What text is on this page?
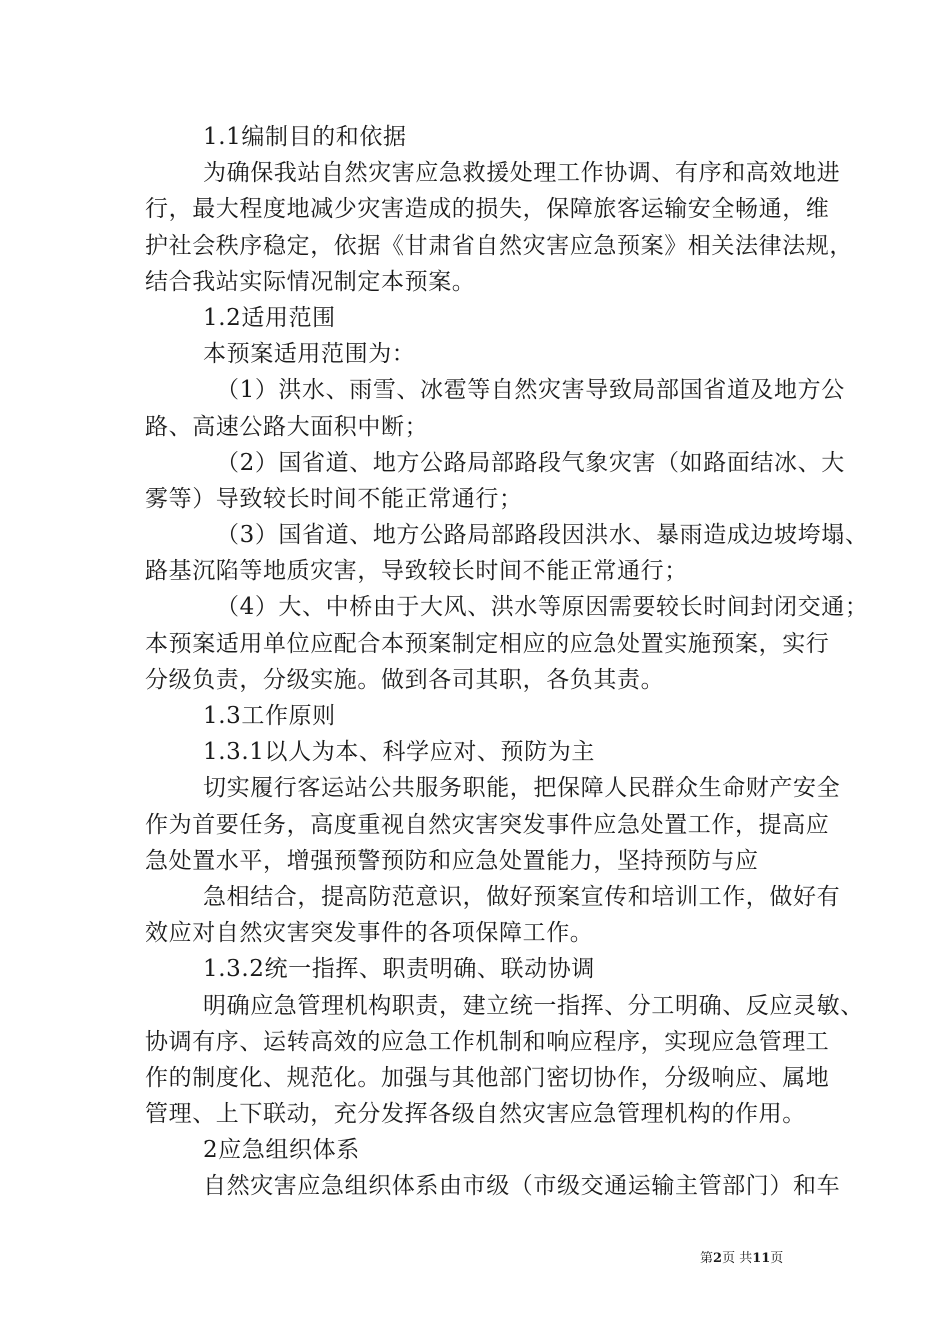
1.1编制目的和依据
为确保我站自然灾害应急救援处理工作协调、有序和高效地进
行，最大程度地减少灾害造成的损失，保障旅客运输安全畅通，维
护社会秩序稳定，依据《甘肃省自然灾害应急预案》相关法律法规，
结合我站实际情况制定本预案。
1.2适用范围
本预案适用范围为：
（1）洪水、雨雪、冰雹等自然灾害导致局部国省道及地方公
路、高速公路大面积中断；
（2）国省道、地方公路局部路段气象灾害（如路面结冰、大
雾等）导致较长时间不能正常通行；
（3）国省道、地方公路局部路段因洪水、暴雨造成边坡垮塌、
路基沉陷等地质灾害，导致较长时间不能正常通行；
（4）大、中桥由于大风、洪水等原因需要较长时间封闭交通；
本预案适用单位应配合本预案制定相应的应急处置实施预案，实行
分级负责，分级实施。做到各司其职，各负其责。
1.3工作原则
1.3.1以人为本、科学应对、预防为主
切实履行客运站公共服务职能，把保障人民群众生命财产安全
作为首要任务，高度重视自然灾害突发事件应急处置工作，提高应
急处置水平，增强预警预防和应急处置能力，坚持预防与应
急相结合，提高防范意识，做好预案宣传和培训工作，做好有
效应对自然灾害突发事件的各项保障工作。
1.3.2统一指挥、职责明确、联动协调
明确应急管理机构职责，建立统一指挥、分工明确、反应灵敏、
协调有序、运转高效的应急工作机制和响应程序，实现应急管理工
作的制度化、规范化。加强与其他部门密切协作，分级响应、属地
管理、上下联动，充分发挥各级自然灾害应急管理机构的作用。
2应急组织体系
自然灾害应急组织体系由市级（市级交通运输主管部门）和车
第2页 共11页
